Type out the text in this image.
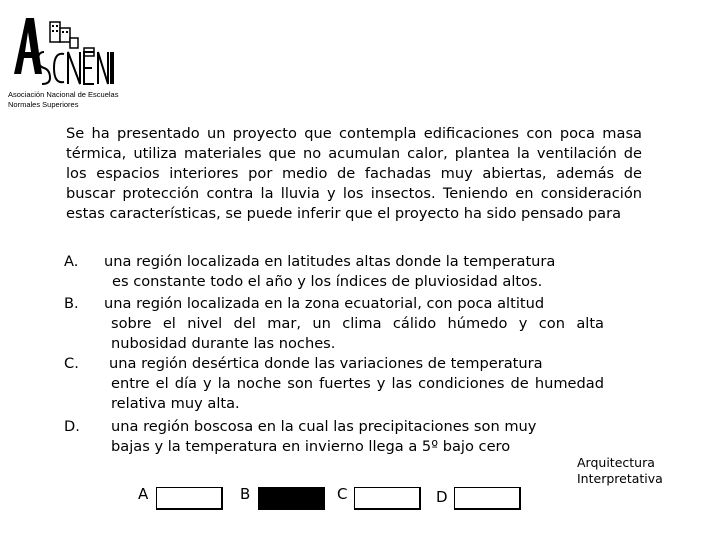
Asociación Nacional de Escuelas
Normales Superiores
Se ha presentado un proyecto que contempla edificaciones con poca masa térmica, utiliza materiales que no acumulan calor, plantea la ventilación de los espacios interiores por medio de fachadas muy abiertas, además de buscar protección contra la lluvia y los insectos. Teniendo en consideración estas características, se puede inferir que el proyecto ha sido pensado para
A. una región localizada en latitudes altas donde la temperatura
es constante todo el año y los índices de pluviosidad altos.
B. una región localizada en la zona ecuatorial, con poca altitud
sobre el nivel del mar, un clima cálido húmedo y con alta nubosidad durante las noches.
C. una región desértica donde las variaciones de temperatura
entre el día y la noche son fuertes y las condiciones de humedad relativa muy alta.
D. una región boscosa en la cual las precipitaciones son muy
bajas y la temperatura en invierno llega a 5º bajo cero
A	B	C	D
Arquitectura
Interpretativa
